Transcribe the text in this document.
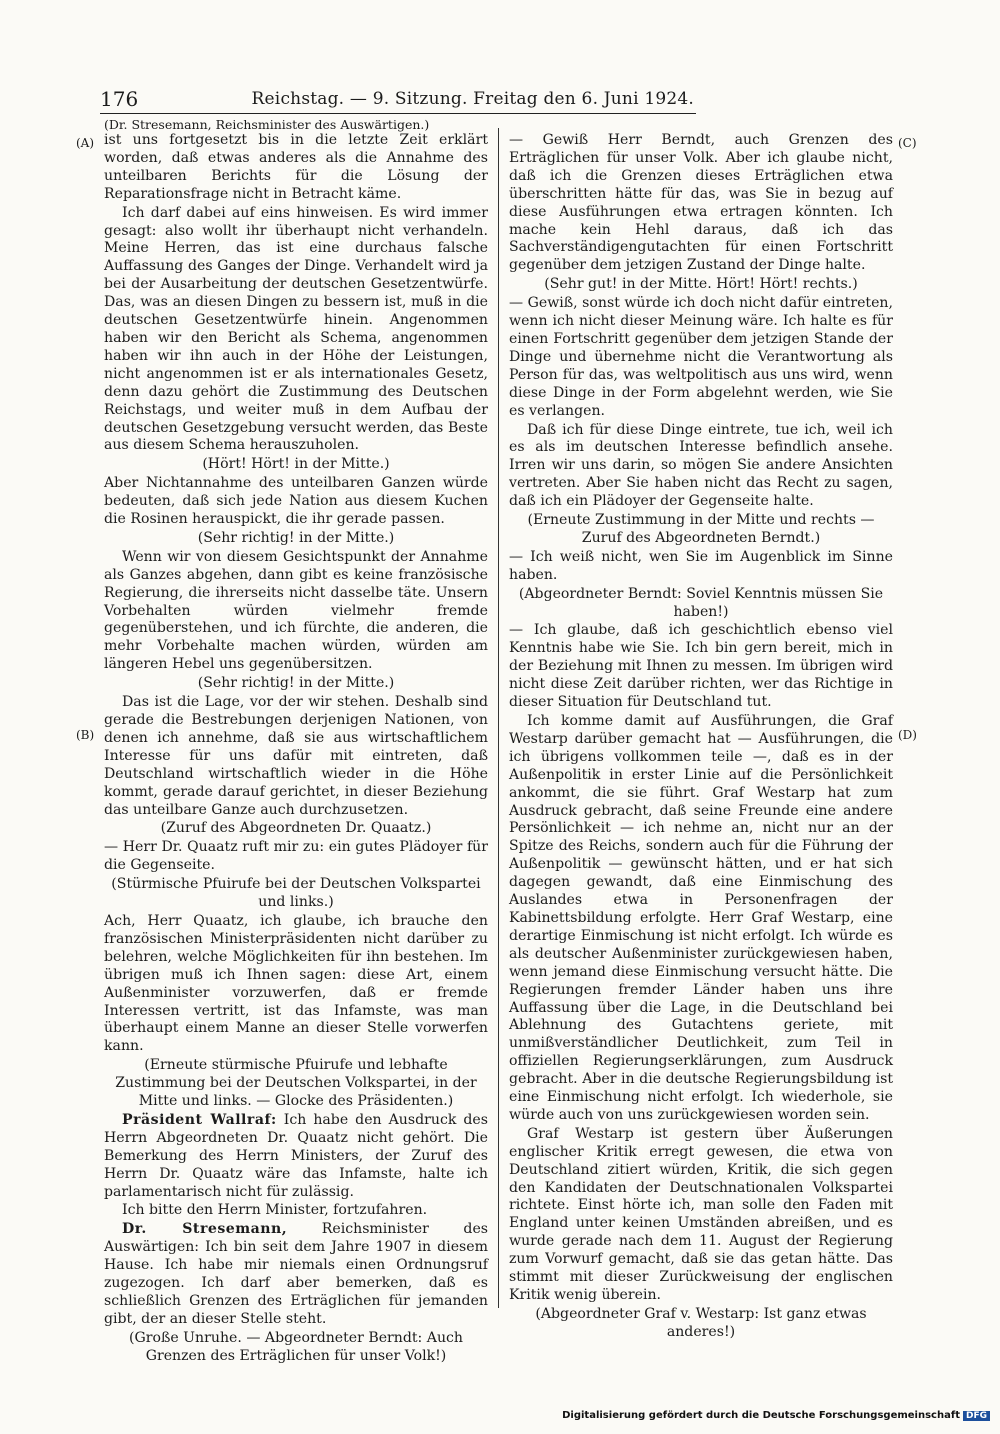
176	Reichstag. — 9. Sitzung. Freitag den 6. Juni 1924.
(Dr. Stresemann, Reichsminister des Auswärtigen.)
(A)
(B)
(C)
(D)

ist uns fortgesetzt bis in die letzte Zeit erklärt worden, daß etwas anderes als die Annahme des unteilbaren Berichts für die Lösung der Reparationsfrage nicht in Betracht käme.

Ich darf dabei auf eins hinweisen. Es wird immer gesagt: also wollt ihr überhaupt nicht verhandeln. Meine Herren, das ist eine durchaus falsche Auffassung des Ganges der Dinge. Verhandelt wird ja bei der Ausarbeitung der deutschen Gesetzentwürfe. Das, was an diesen Dingen zu bessern ist, muß in die deutschen Gesetzentwürfe hinein. Angenommen haben wir den Bericht als Schema, angenommen haben wir ihn auch in der Höhe der Leistungen, nicht angenommen ist er als internationales Gesetz, denn dazu gehört die Zustimmung des Deutschen Reichstags, und weiter muß in dem Aufbau der deutschen Gesetzgebung versucht werden, das Beste aus diesem Schema herauszuholen.

(Hört! Hört! in der Mitte.)

Aber Nichtannahme des unteilbaren Ganzen würde bedeuten, daß sich jede Nation aus diesem Kuchen die Rosinen herauspickt, die ihr gerade passen.

(Sehr richtig! in der Mitte.)

Wenn wir von diesem Gesichtspunkt der Annahme als Ganzes abgehen, dann gibt es keine französische Regierung, die ihrerseits nicht dasselbe täte. Unsern Vorbehalten würden vielmehr fremde gegenüberstehen, und ich fürchte, die anderen, die mehr Vorbehalte machen würden, würden am längeren Hebel uns gegenübersitzen.

(Sehr richtig! in der Mitte.)

Das ist die Lage, vor der wir stehen. Deshalb sind gerade die Bestrebungen derjenigen Nationen, von denen ich annehme, daß sie aus wirtschaftlichem Interesse für uns dafür mit eintreten, daß Deutschland wirtschaftlich wieder in die Höhe kommt, gerade darauf gerichtet, in dieser Beziehung das unteilbare Ganze auch durchzusetzen.

(Zuruf des Abgeordneten Dr. Quaatz.)

— Herr Dr. Quaatz ruft mir zu: ein gutes Plädoyer für die Gegenseite.

(Stürmische Pfuirufe bei der Deutschen Volkspartei und links.)

Ach, Herr Quaatz, ich glaube, ich brauche den französischen Ministerpräsidenten nicht darüber zu belehren, welche Möglichkeiten für ihn bestehen. Im übrigen muß ich Ihnen sagen: diese Art, einem Außenminister vorzuwerfen, daß er fremde Interessen vertritt, ist das Infamste, was man überhaupt einem Manne an dieser Stelle vorwerfen kann.

(Erneute stürmische Pfuirufe und lebhafte Zustimmung bei der Deutschen Volkspartei, in der Mitte und links. — Glocke des Präsidenten.)

Präsident Wallraf: Ich habe den Ausdruck des Herrn Abgeordneten Dr. Quaatz nicht gehört. Die Bemerkung des Herrn Ministers, der Zuruf des Herrn Dr. Quaatz wäre das Infamste, halte ich parlamentarisch nicht für zulässig.

Ich bitte den Herrn Minister, fortzufahren.

Dr. Stresemann, Reichsminister des Auswärtigen: Ich bin seit dem Jahre 1907 in diesem Hause. Ich habe mir niemals einen Ordnungsruf zugezogen. Ich darf aber bemerken, daß es schließlich Grenzen des Erträglichen für jemanden gibt, der an dieser Stelle steht.

(Große Unruhe. — Abgeordneter Berndt: Auch Grenzen des Erträglichen für unser Volk!)

— Gewiß Herr Berndt, auch Grenzen des Erträglichen für unser Volk. Aber ich glaube nicht, daß ich die Grenzen dieses Erträglichen etwa überschritten hätte für das, was Sie in bezug auf diese Ausführungen etwa ertragen könnten. Ich mache kein Hehl daraus, daß ich das Sachverständigengutachten für einen Fortschritt gegenüber dem jetzigen Zustand der Dinge halte.

(Sehr gut! in der Mitte. Hört! Hört! rechts.)

— Gewiß, sonst würde ich doch nicht dafür eintreten, wenn ich nicht dieser Meinung wäre. Ich halte es für einen Fortschritt gegenüber dem jetzigen Stande der Dinge und übernehme nicht die Verantwortung als Person für das, was weltpolitisch aus uns wird, wenn diese Dinge in der Form abgelehnt werden, wie Sie es verlangen.

Daß ich für diese Dinge eintrete, tue ich, weil ich es als im deutschen Interesse befindlich ansehe. Irren wir uns darin, so mögen Sie andere Ansichten vertreten. Aber Sie haben nicht das Recht zu sagen, daß ich ein Plädoyer der Gegenseite halte.

(Erneute Zustimmung in der Mitte und rechts — Zuruf des Abgeordneten Berndt.)

— Ich weiß nicht, wen Sie im Augenblick im Sinne haben.

(Abgeordneter Berndt: Soviel Kenntnis müssen Sie haben!)

— Ich glaube, daß ich geschichtlich ebenso viel Kenntnis habe wie Sie. Ich bin gern bereit, mich in der Beziehung mit Ihnen zu messen. Im übrigen wird nicht diese Zeit darüber richten, wer das Richtige in dieser Situation für Deutschland tut.

Ich komme damit auf Ausführungen, die Graf Westarp darüber gemacht hat — Ausführungen, die ich übrigens vollkommen teile —, daß es in der Außenpolitik in erster Linie auf die Persönlichkeit ankommt, die sie führt. Graf Westarp hat zum Ausdruck gebracht, daß seine Freunde eine andere Persönlichkeit — ich nehme an, nicht nur an der Spitze des Reichs, sondern auch für die Führung der Außenpolitik — gewünscht hätten, und er hat sich dagegen gewandt, daß eine Einmischung des Auslandes etwa in Personenfragen der Kabinettsbildung erfolgte. Herr Graf Westarp, eine derartige Einmischung ist nicht erfolgt. Ich würde es als deutscher Außenminister zurückgewiesen haben, wenn jemand diese Einmischung versucht hätte. Die Regierungen fremder Länder haben uns ihre Auffassung über die Lage, in die Deutschland bei Ablehnung des Gutachtens geriete, mit unmißverständlicher Deutlichkeit, zum Teil in offiziellen Regierungserklärungen, zum Ausdruck gebracht. Aber in die deutsche Regierungsbildung ist eine Einmischung nicht erfolgt. Ich wiederhole, sie würde auch von uns zurückgewiesen worden sein.

Graf Westarp ist gestern über Äußerungen englischer Kritik erregt gewesen, die etwa von Deutschland zitiert würden, Kritik, die sich gegen den Kandidaten der Deutschnationalen Volkspartei richtete. Einst hörte ich, man solle den Faden mit England unter keinen Umständen abreißen, und es wurde gerade nach dem 11. August der Regierung zum Vorwurf gemacht, daß sie das getan hätte. Das stimmt mit dieser Zurückweisung der englischen Kritik wenig überein.

(Abgeordneter Graf v. Westarp: Ist ganz etwas anderes!)

Digitalisierung gefördert durch die Deutsche Forschungsgemeinschaft DFG
